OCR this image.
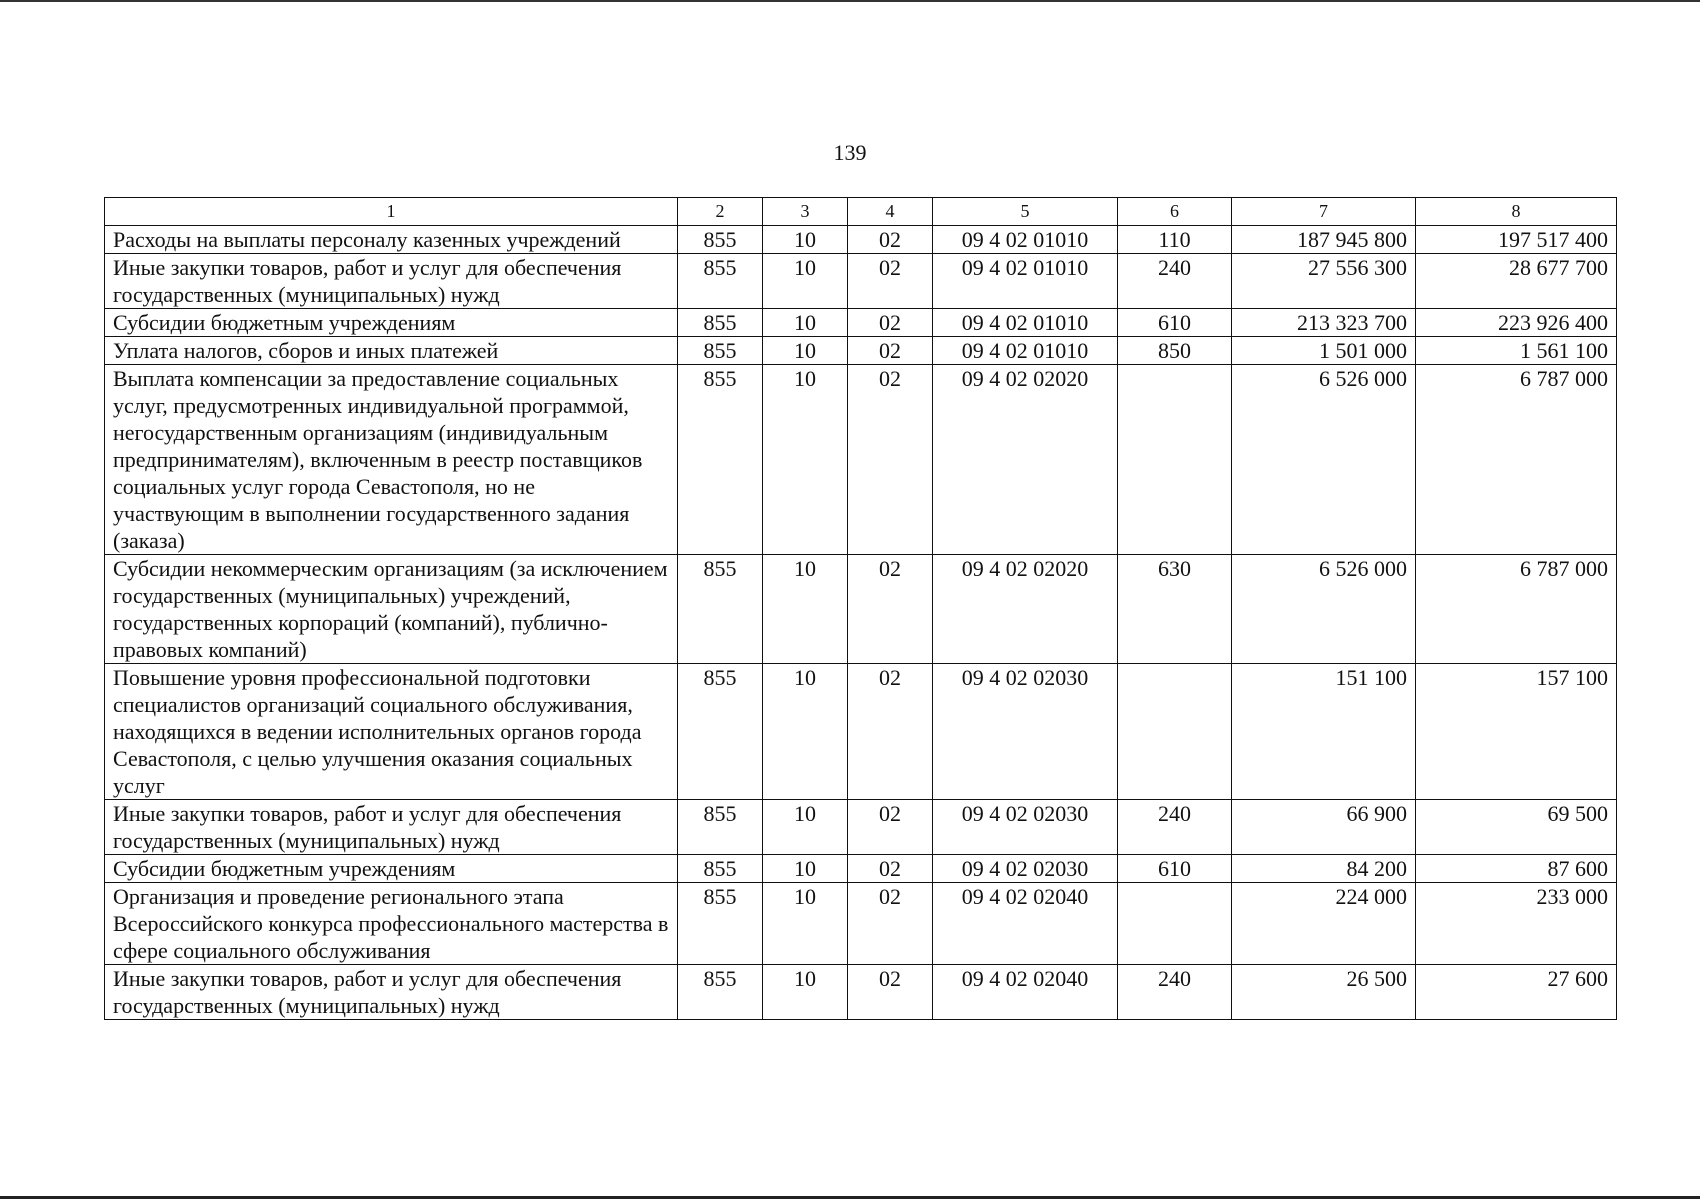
139
1	2	3	4	5	6	7	8
Расходы на выплаты персоналу казенных учреждений	855	10	02	09 4 02 01010	110	187 945 800	197 517 400
Иные закупки товаров, работ и услуг для обеспечения государственных (муниципальных) нужд	855	10	02	09 4 02 01010	240	27 556 300	28 677 700
Субсидии бюджетным учреждениям	855	10	02	09 4 02 01010	610	213 323 700	223 926 400
Уплата налогов, сборов и иных платежей	855	10	02	09 4 02 01010	850	1 501 000	1 561 100
Выплата компенсации за предоставление социальных услуг, предусмотренных индивидуальной программой, негосударственным организациям (индивидуальным предпринимателям), включенным в реестр поставщиков социальных услуг города Севастополя, но не участвующим в выполнении государственного задания (заказа)	855	10	02	09 4 02 02020		6 526 000	6 787 000
Субсидии некоммерческим организациям (за исключением государственных (муниципальных) учреждений, государственных корпораций (компаний), публично-правовых компаний)	855	10	02	09 4 02 02020	630	6 526 000	6 787 000
Повышение уровня профессиональной подготовки специалистов организаций социального обслуживания, находящихся в ведении исполнительных органов города Севастополя, с целью улучшения оказания социальных услуг	855	10	02	09 4 02 02030		151 100	157 100
Иные закупки товаров, работ и услуг для обеспечения государственных (муниципальных) нужд	855	10	02	09 4 02 02030	240	66 900	69 500
Субсидии бюджетным учреждениям	855	10	02	09 4 02 02030	610	84 200	87 600
Организация и проведение регионального этапа Всероссийского конкурса профессионального мастерства в сфере социального обслуживания	855	10	02	09 4 02 02040		224 000	233 000
Иные закупки товаров, работ и услуг для обеспечения государственных (муниципальных) нужд	855	10	02	09 4 02 02040	240	26 500	27 600
